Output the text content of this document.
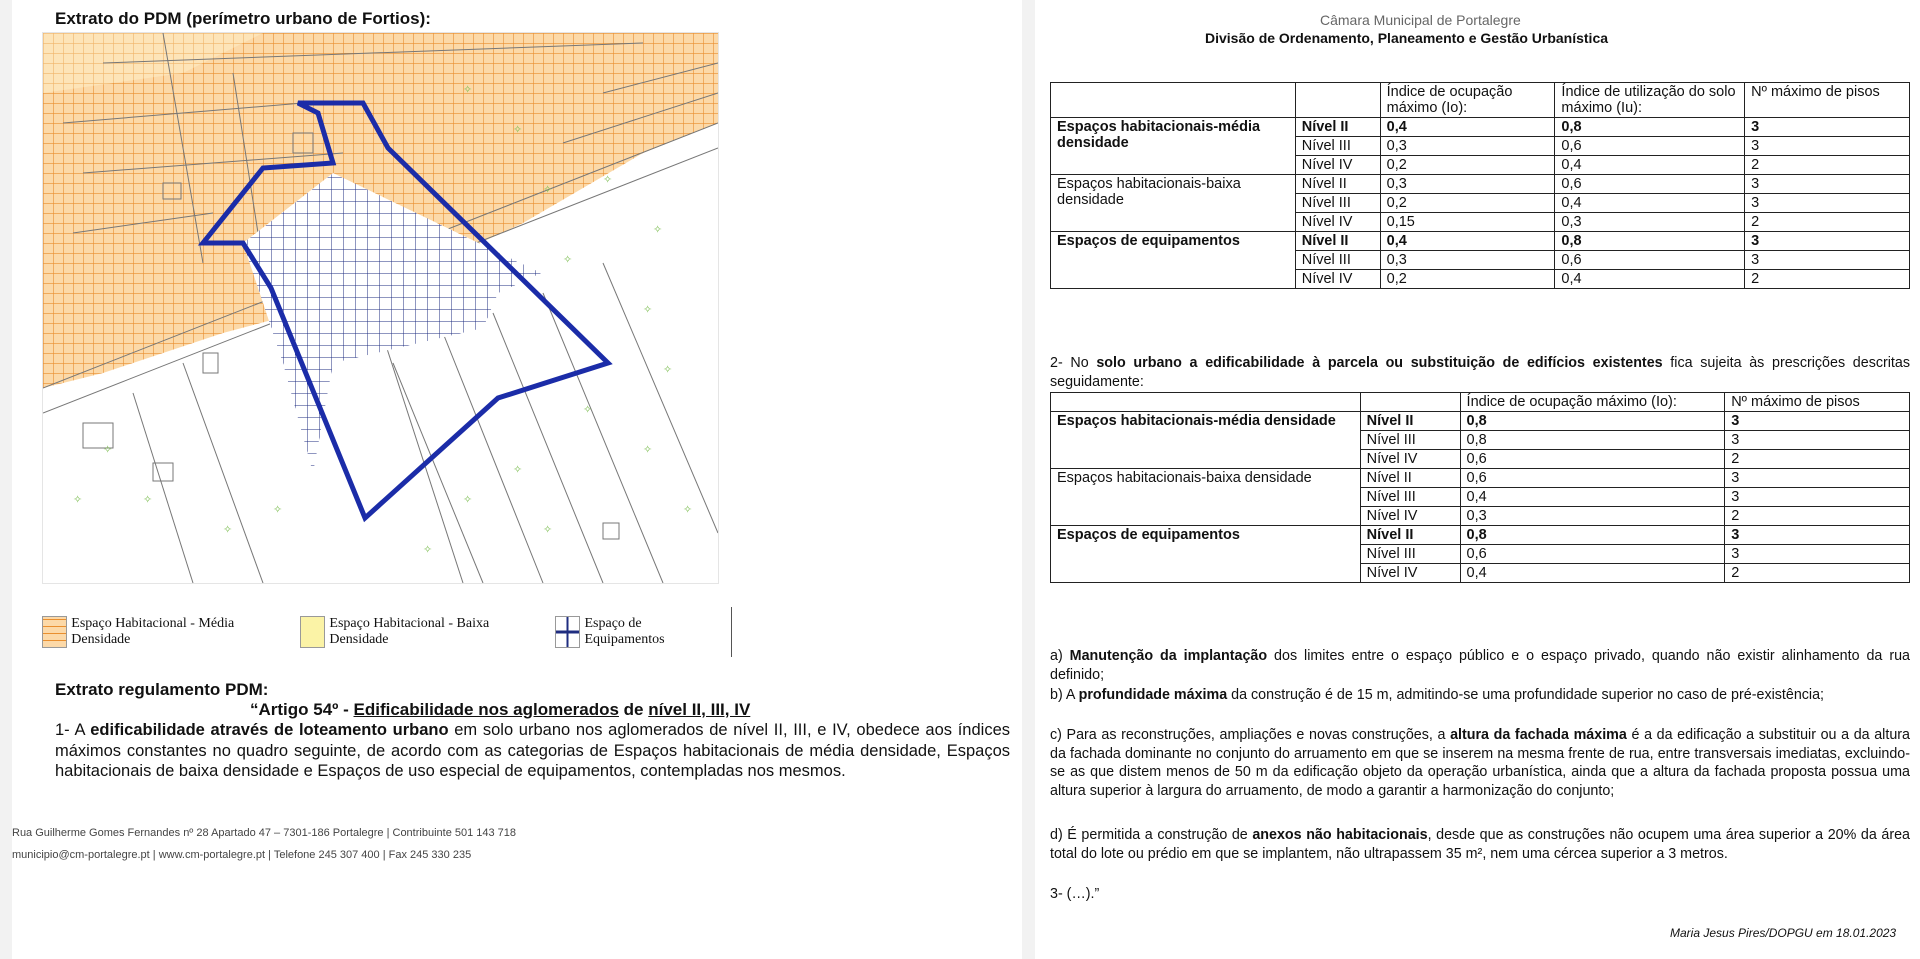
Extrato do PDM (perímetro urbano de Fortios):
✧
✧
✧
✧
✧
✧
✧
✧
✧
✧
✧
✧
✧
✧
✧
✧	✧
✧
✧
✧
Espaço Habitacional - Média Densidade
Espaço Habitacional - Baixa Densidade
Espaço de Equipamentos
Extrato regulamento PDM:
“Artigo 54º - Edificabilidade nos aglomerados de nível II, III, IV
1- A edificabilidade através de loteamento urbano em solo urbano nos aglomerados de nível II, III, e IV, obedece aos índices máximos constantes no quadro seguinte, de acordo com as categorias de Espaços habitacionais de média densidade, Espaços habitacionais de baixa densidade e Espaços de uso especial de equipamentos, contempladas nos mesmos.
Rua Guilherme Gomes Fernandes nº 28 Apartado 47 – 7301-186 Portalegre | Contribuinte 501 143 718
municipio@cm-portalegre.pt | www.cm-portalegre.pt | Telefone 245 307 400 | Fax 245 330 235
Câmara Municipal de Portalegre
Divisão de Ordenamento, Planeamento e Gestão Urbanística
		Índice de ocupação máximo (Io):	Índice de utilização do solo máximo (Iu):	Nº máximo de pisos
Espaços habitacionais-média densidade	Nível II	0,4	0,8	3
	Nível III	0,3	0,6	3
	Nível IV	0,2	0,4	2
Espaços habitacionais-baixa densidade	Nível II	0,3	0,6	3
	Nível III	0,2	0,4	3
	Nível IV	0,15	0,3	2
Espaços de equipamentos	Nível II	0,4	0,8	3
	Nível III	0,3	0,6	3
	Nível IV	0,2	0,4	2
2- No solo urbano a edificabilidade à parcela ou substituição de edifícios existentes fica sujeita às prescrições descritas seguidamente:
		Índice de ocupação máximo (Io):	Nº máximo de pisos
Espaços habitacionais-média densidade	Nível II	0,8	3
	Nível III	0,8	3
	Nível IV	0,6	2
Espaços habitacionais-baixa densidade	Nível II	0,6	3
	Nível III	0,4	3
	Nível IV	0,3	2
Espaços de equipamentos	Nível II	0,8	3
	Nível III	0,6	3
	Nível IV	0,4	2
a) Manutenção da implantação dos limites entre o espaço público e o espaço privado, quando não existir alinhamento da rua definido;
b) A profundidade máxima da construção é de 15 m, admitindo-se uma profundidade superior no caso de pré-existência;
c) Para as reconstruções, ampliações e novas construções, a altura da fachada máxima é a da edificação a substituir ou a da altura da fachada dominante no conjunto do arruamento em que se inserem na mesma frente de rua, entre transversais imediatas, excluindo-se as que distem menos de 50 m da edificação objeto da operação urbanística, ainda que a altura da fachada proposta possua uma altura superior à largura do arruamento, de modo a garantir a harmonização do conjunto;
d) É permitida a construção de anexos não habitacionais, desde que as construções não ocupem uma área superior a 20% da área total do lote ou prédio em que se implantem, não ultrapassem 35 m², nem uma cércea superior a 3 metros.
3- (…).”
Maria Jesus Pires/DOPGU em 18.01.2023
